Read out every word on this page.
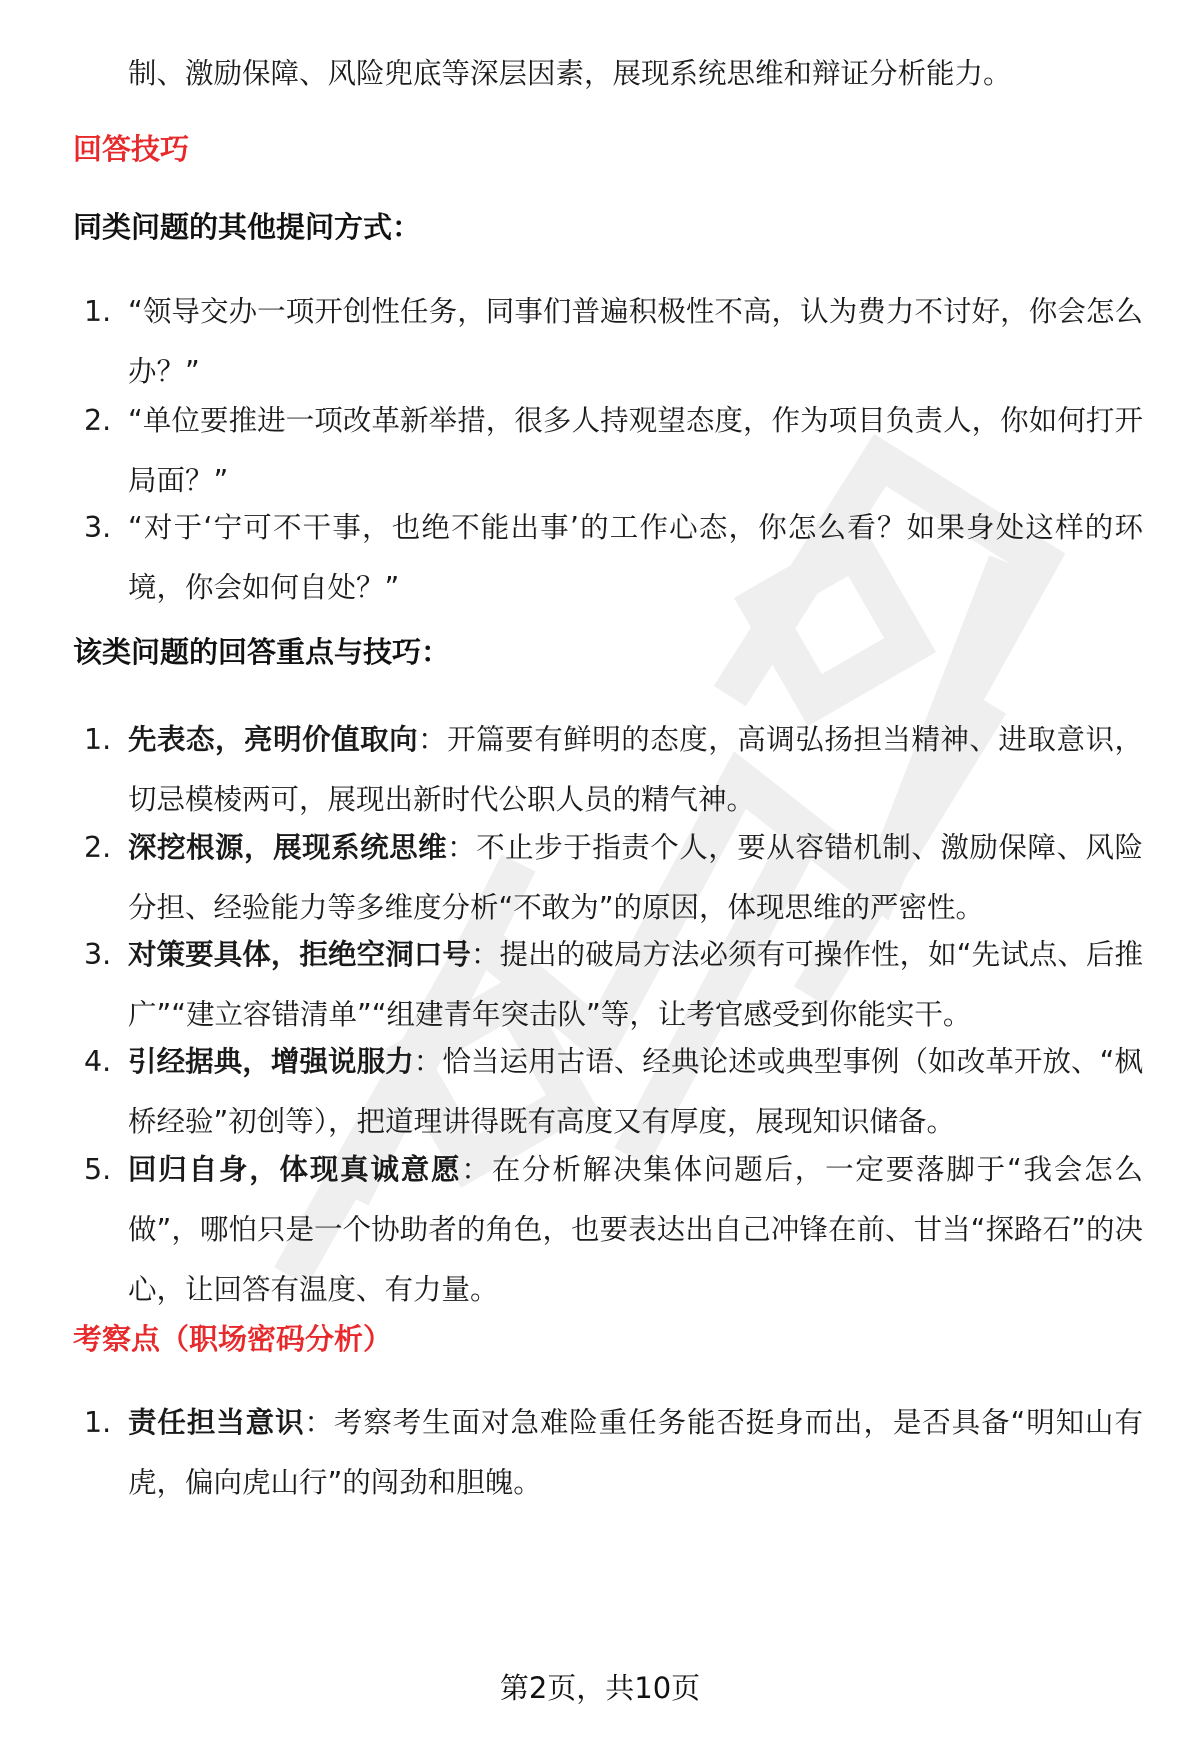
制、激励保障、风险兜底等深层因素，展现系统思维和辩证分析能力。
回答技巧
同类问题的其他提问方式：
1. “领导交办一项开创性任务，同事们普遍积极性不高，认为费力不讨好，你会怎么办？”
2. “单位要推进一项改革新举措，很多人持观望态度，作为项目负责人，你如何打开局面？”
3. “对于‘宁可不干事，也绝不能出事’的工作心态，你怎么看？如果身处这样的环境，你会如何自处？”
该类问题的回答重点与技巧：
1. 先表态，亮明价值取向：开篇要有鲜明的态度，高调弘扬担当精神、进取意识，切忌模棱两可，展现出新时代公职人员的精气神。
2. 深挖根源，展现系统思维：不止步于指责个人，要从容错机制、激励保障、风险分担、经验能力等多维度分析“不敢为”的原因，体现思维的严密性。
3. 对策要具体，拒绝空洞口号：提出的破局方法必须有可操作性，如“先试点、后推广”“建立容错清单”“组建青年突击队”等，让考官感受到你能实干。
4. 引经据典，增强说服力：恰当运用古语、经典论述或典型事例（如改革开放、“枫桥经验”初创等），把道理讲得既有高度又有厚度，展现知识储备。
5. 回归自身，体现真诚意愿：在分析解决集体问题后，一定要落脚于“我会怎么做”，哪怕只是一个协助者的角色，也要表达出自己冲锋在前、甘当“探路石”的决心，让回答有温度、有力量。
考察点（职场密码分析）
1. 责任担当意识：考察考生面对急难险重任务能否挺身而出，是否具备“明知山有虎，偏向虎山行”的闯劲和胆魄。
第2页，共10页
